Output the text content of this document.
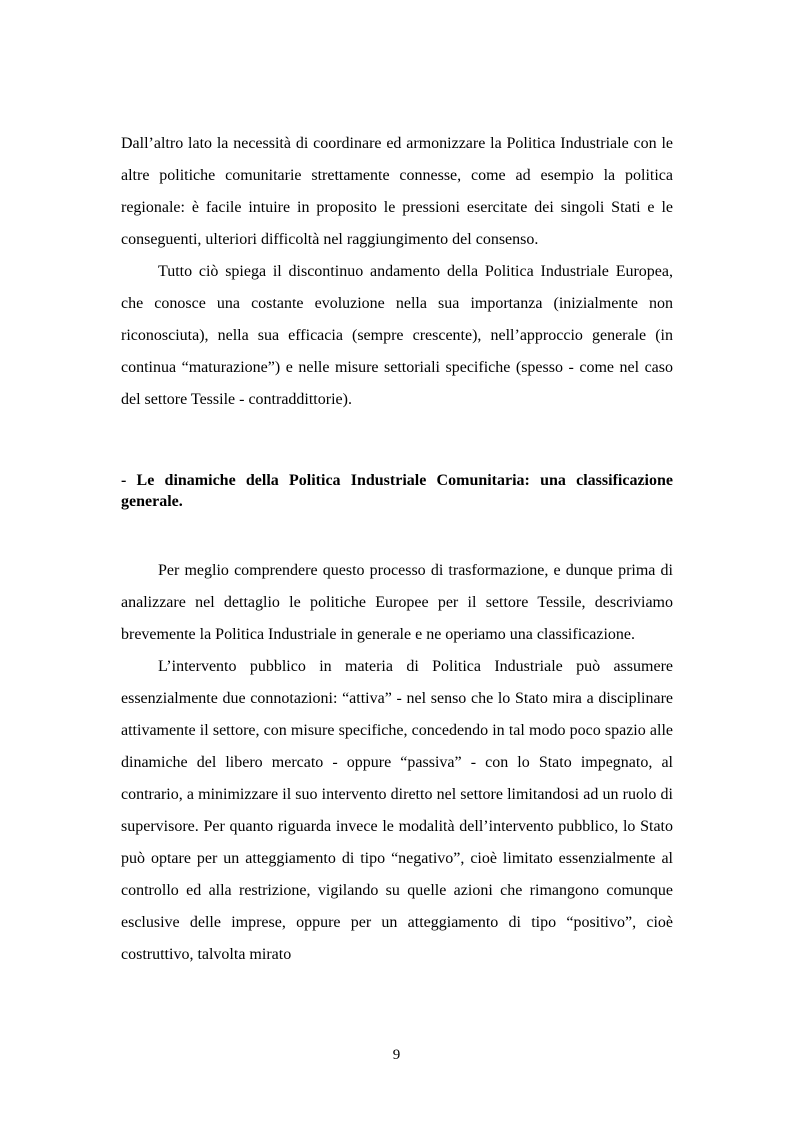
Dall’altro lato la necessità di coordinare ed armonizzare la Politica Industriale con le altre politiche comunitarie strettamente connesse, come ad esempio la politica regionale: è facile intuire in proposito le pressioni esercitate dei singoli Stati e le conseguenti, ulteriori difficoltà nel raggiungimento del consenso.

Tutto ciò spiega il discontinuo andamento della Politica Industriale Europea, che conosce una costante evoluzione nella sua importanza (inizialmente non riconosciuta), nella sua efficacia (sempre crescente), nell’approccio generale (in continua “maturazione”) e nelle misure settoriali specifiche (spesso - come nel caso del settore Tessile - contraddittorie).

- Le dinamiche della Politica Industriale Comunitaria: una classificazione generale.

Per meglio comprendere questo processo di trasformazione, e dunque prima di analizzare nel dettaglio le politiche Europee per il settore Tessile, descriviamo brevemente la Politica Industriale in generale e ne operiamo una classificazione.

L’intervento pubblico in materia di Politica Industriale può assumere essenzialmente due connotazioni: “attiva” - nel senso che lo Stato mira a disciplinare attivamente il settore, con misure specifiche, concedendo in tal modo poco spazio alle dinamiche del libero mercato - oppure “passiva” - con lo Stato impegnato, al contrario, a minimizzare il suo intervento diretto nel settore limitandosi ad un ruolo di supervisore. Per quanto riguarda invece le modalità dell’intervento pubblico, lo Stato può optare per un atteggiamento di tipo “negativo”, cioè limitato essenzialmente al controllo ed alla restrizione, vigilando su quelle azioni che rimangono comunque esclusive delle imprese, oppure per un atteggiamento di tipo “positivo”, cioè costruttivo, talvolta mirato

9
